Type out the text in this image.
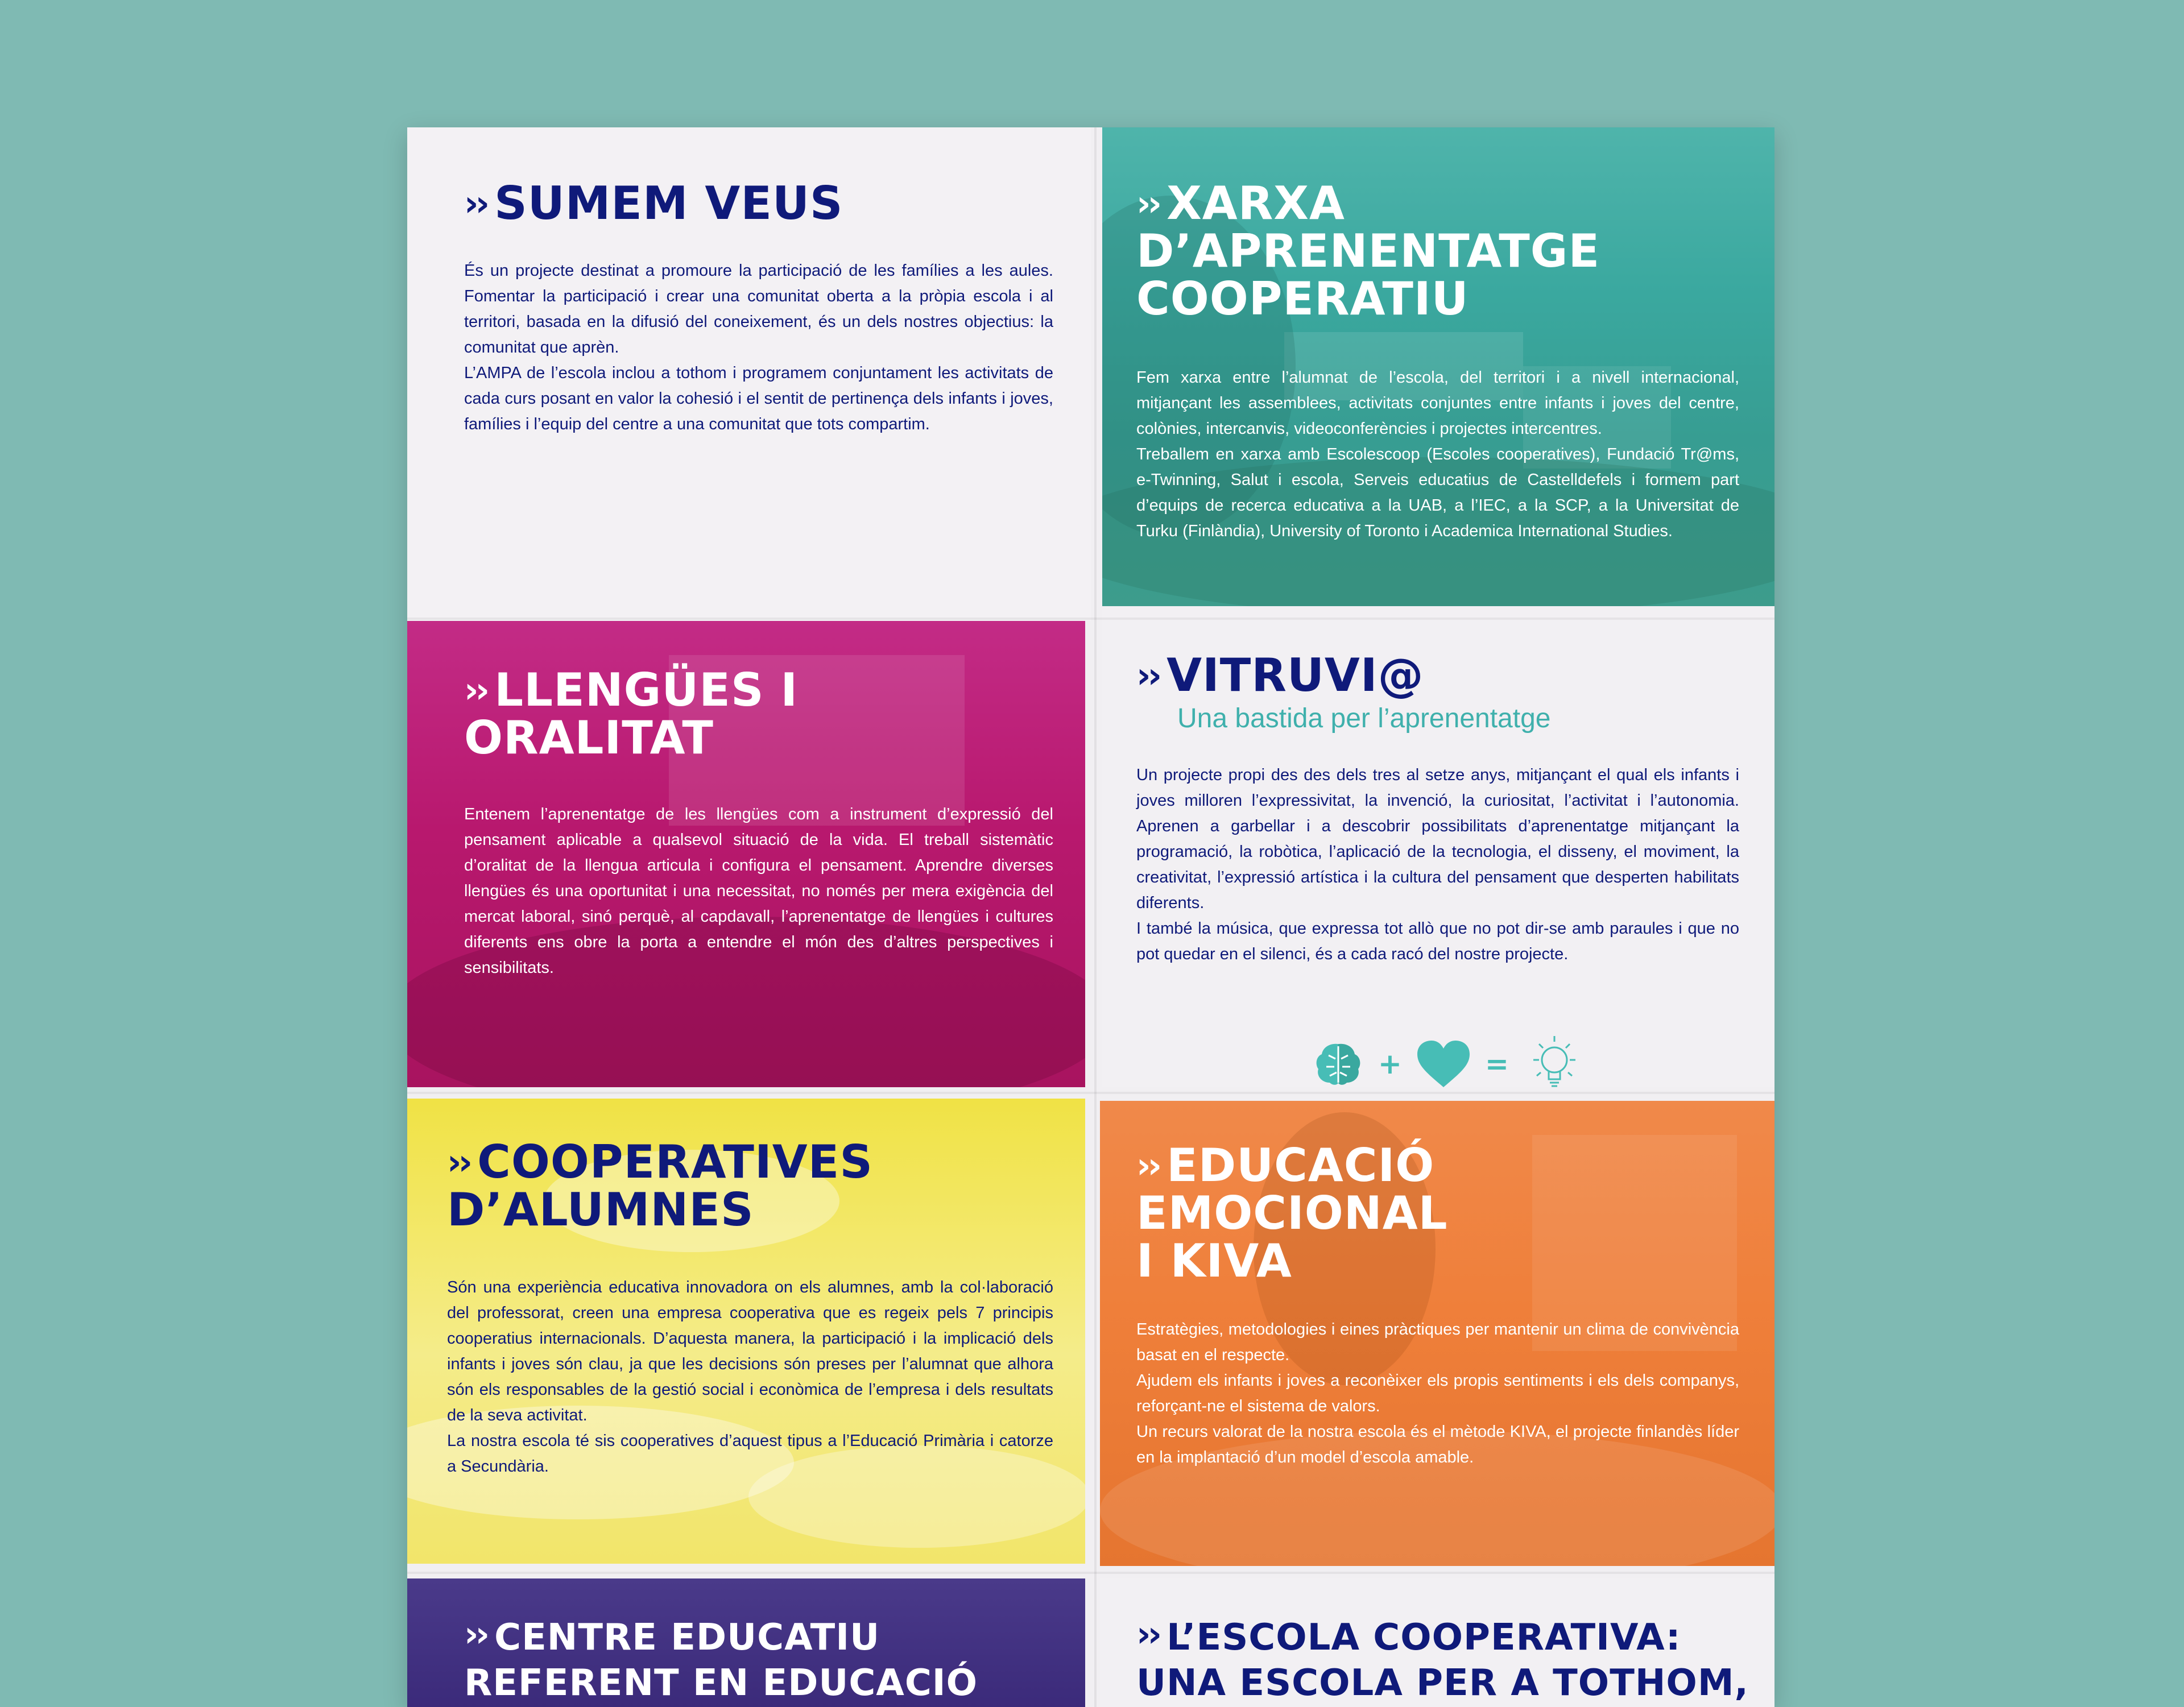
›› SUMEM VEUS

És un projecte destinat a promoure la participació de les famílies a les aules. Fomentar la participació i crear una comunitat oberta a la pròpia escola i al territori, basada en la difusió del coneixement, és un dels nostres objectius: la comunitat que aprèn.

L’AMPA de l’escola inclou a tothom i programem conjuntament les activitats de cada curs posant en valor la cohesió i el sentit de pertinença dels infants i joves, famílies i l’equip del centre a una comunitat que tots compartim.

›› XARXA
D’APRENENTATGE
COOPERATIU

Fem xarxa entre l’alumnat de l’escola, del territori i a nivell internacional, mitjançant les assemblees, activitats conjuntes entre infants i joves del centre, colònies, intercanvis, videoconferències i projectes intercentres.

Treballem en xarxa amb Escolescoop (Escoles cooperatives), Fundació Tr@ms, e-Twinning, Salut i escola, Serveis educatius de Castelldefels i formem part d’equips de recerca educativa a la UAB, a l’IEC, a la SCP, a la Universitat de Turku (Finlàndia), University of Toronto i Academica International Studies.

›› LLENGÜES I
ORALITAT

Entenem l’aprenentatge de les llengües com a instrument d’expressió del pensament aplicable a qualsevol situació de la vida. El treball sistemàtic d’oralitat de la llengua articula i configura el pensament. Aprendre diverses llengües és una oportunitat i una necessitat, no només per mera exigència del mercat laboral, sinó perquè, al capdavall, l’aprenentatge de llengües i cultures diferents ens obre la porta a entendre el món des d’altres perspectives i sensibilitats.

›› VITRUVI@

Una bastida per l’aprenentatge

Un projecte propi des des dels tres al setze anys, mitjançant el qual els infants i joves milloren l’expressivitat, la invenció, la curiositat, l’activitat i l’autonomia. Aprenen a garbellar i a descobrir possibilitats d’aprenentatge mitjançant la programació, la robòtica, l’aplicació de la tecnologia, el disseny, el moviment, la creativitat, l’expressió artística i la cultura del pensament que desperten habilitats diferents.

I també la música, que expressa tot allò que no pot dir-se amb paraules i que no pot quedar en el silenci, és a cada racó del nostre projecte.

+	=
›› COOPERATIVES
D’ALUMNES

Són una experiència educativa innovadora on els alumnes, amb la col·laboració del professorat, creen una empresa cooperativa que es regeix pels 7 principis cooperatius internacionals. D’aquesta manera, la participació i la implicació dels infants i joves són clau, ja que les decisions són preses per l’alumnat que alhora són els responsables de la gestió social i econòmica de l’empresa i dels resultats de la seva activitat.

La nostra escola té sis cooperatives d’aquest tipus a l’Educació Primària i catorze a Secundària.

›› EDUCACIÓ
EMOCIONAL
I KIVA

Estratègies, metodologies i eines pràctiques per mantenir un clima de convivència basat en el respecte.

Ajudem els infants i joves a reconèixer els propis sentiments i els dels companys, reforçant-ne el sistema de valors.

Un recurs valorat de la nostra escola és el mètode KIVA, el projecte finlandès líder en la implantació d’un model d’escola amable.

›› CENTRE EDUCATIU
REFERENT EN EDUCACIÓ
›› L’ESCOLA COOPERATIVA:
UNA ESCOLA PER A TOTHOM,
